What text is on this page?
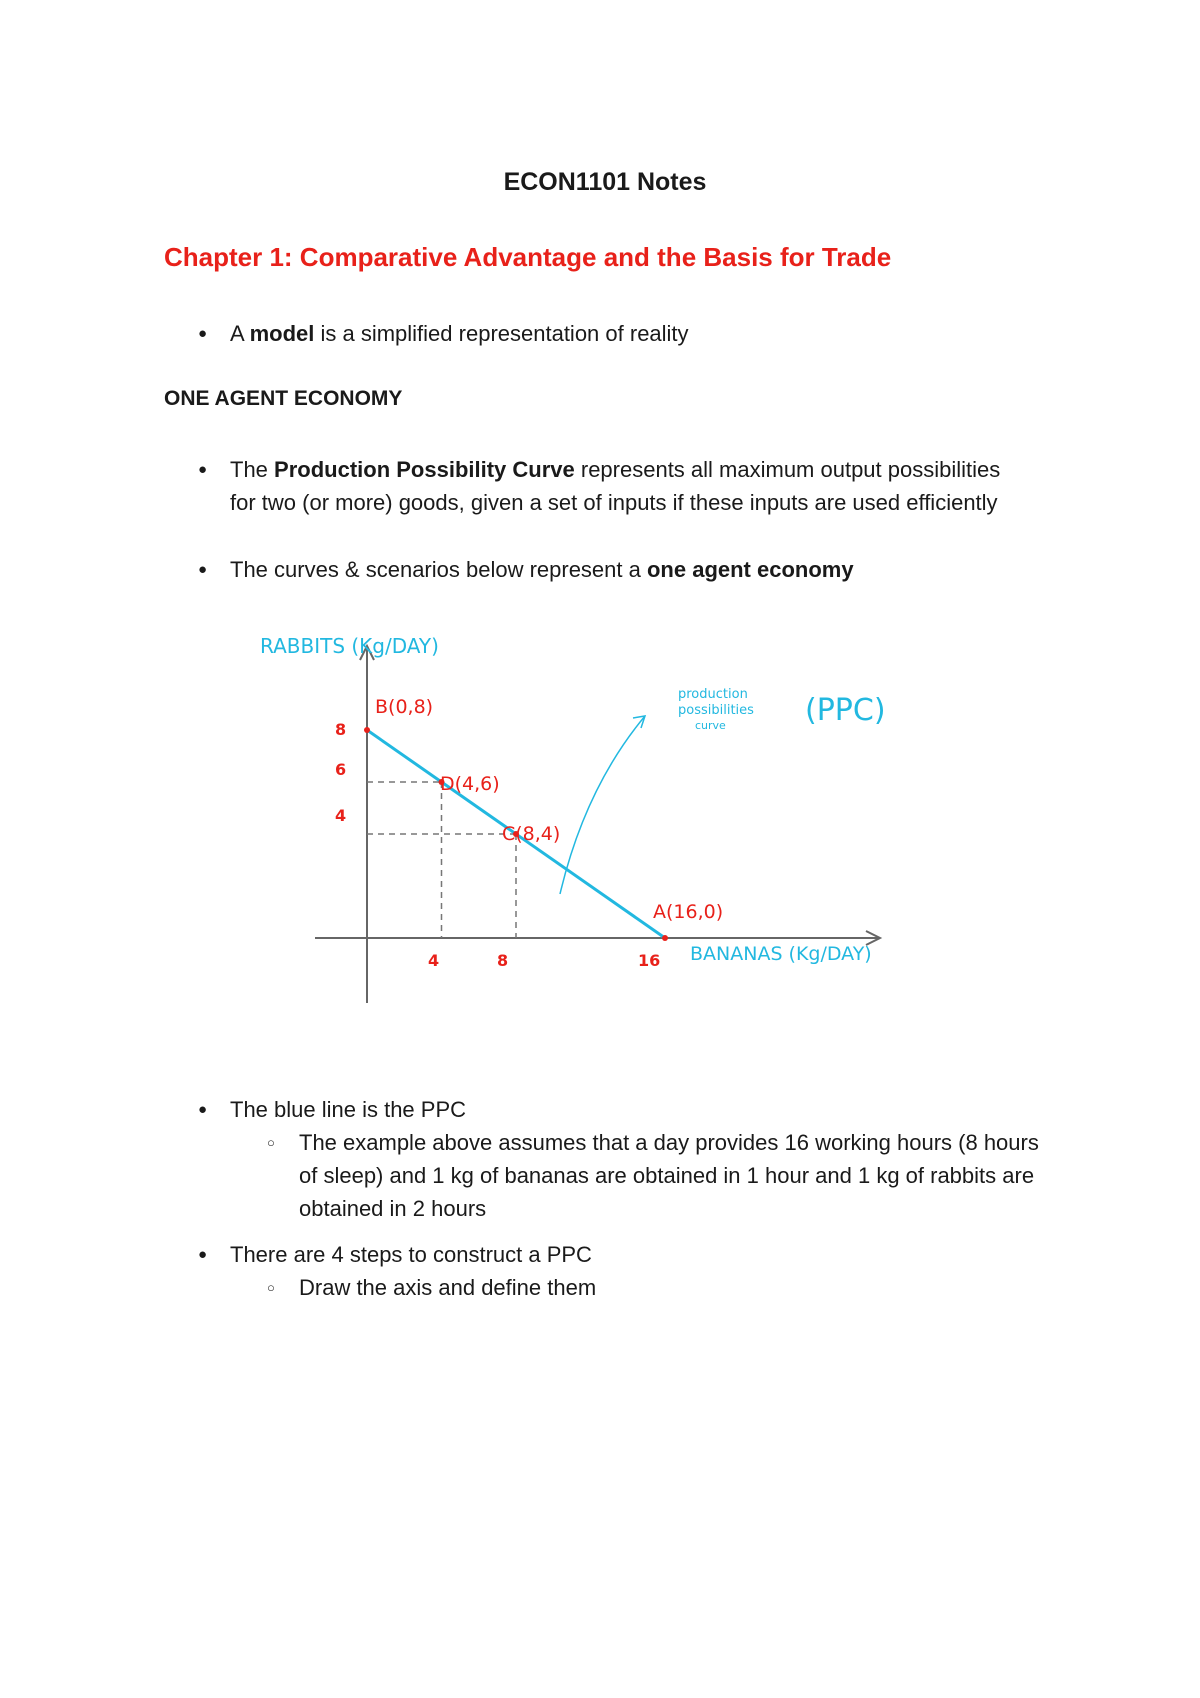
ECON1101 Notes
Chapter 1: Comparative Advantage and the Basis for Trade
● A model is a simplified representation of reality
ONE AGENT ECONOMY
● The Production Possibility Curve represents all maximum output possibilities for two (or more) goods, given a set of inputs if these inputs are used efficiently
● The curves & scenarios below represent a one agent economy
RABBITS (Kg/DAY)
BANANAS (Kg/DAY)
8
6
4
4	8	16
B(0,8)
D(4,6)
C(8,4)
A(16,0)
production
possibilities
curve	(PPC)
● The blue line is the PPC
○ The example above assumes that a day provides 16 working hours (8 hours of sleep) and 1 kg of bananas are obtained in 1 hour and 1 kg of rabbits are obtained in 2 hours
● There are 4 steps to construct a PPC
○ Draw the axis and define them
